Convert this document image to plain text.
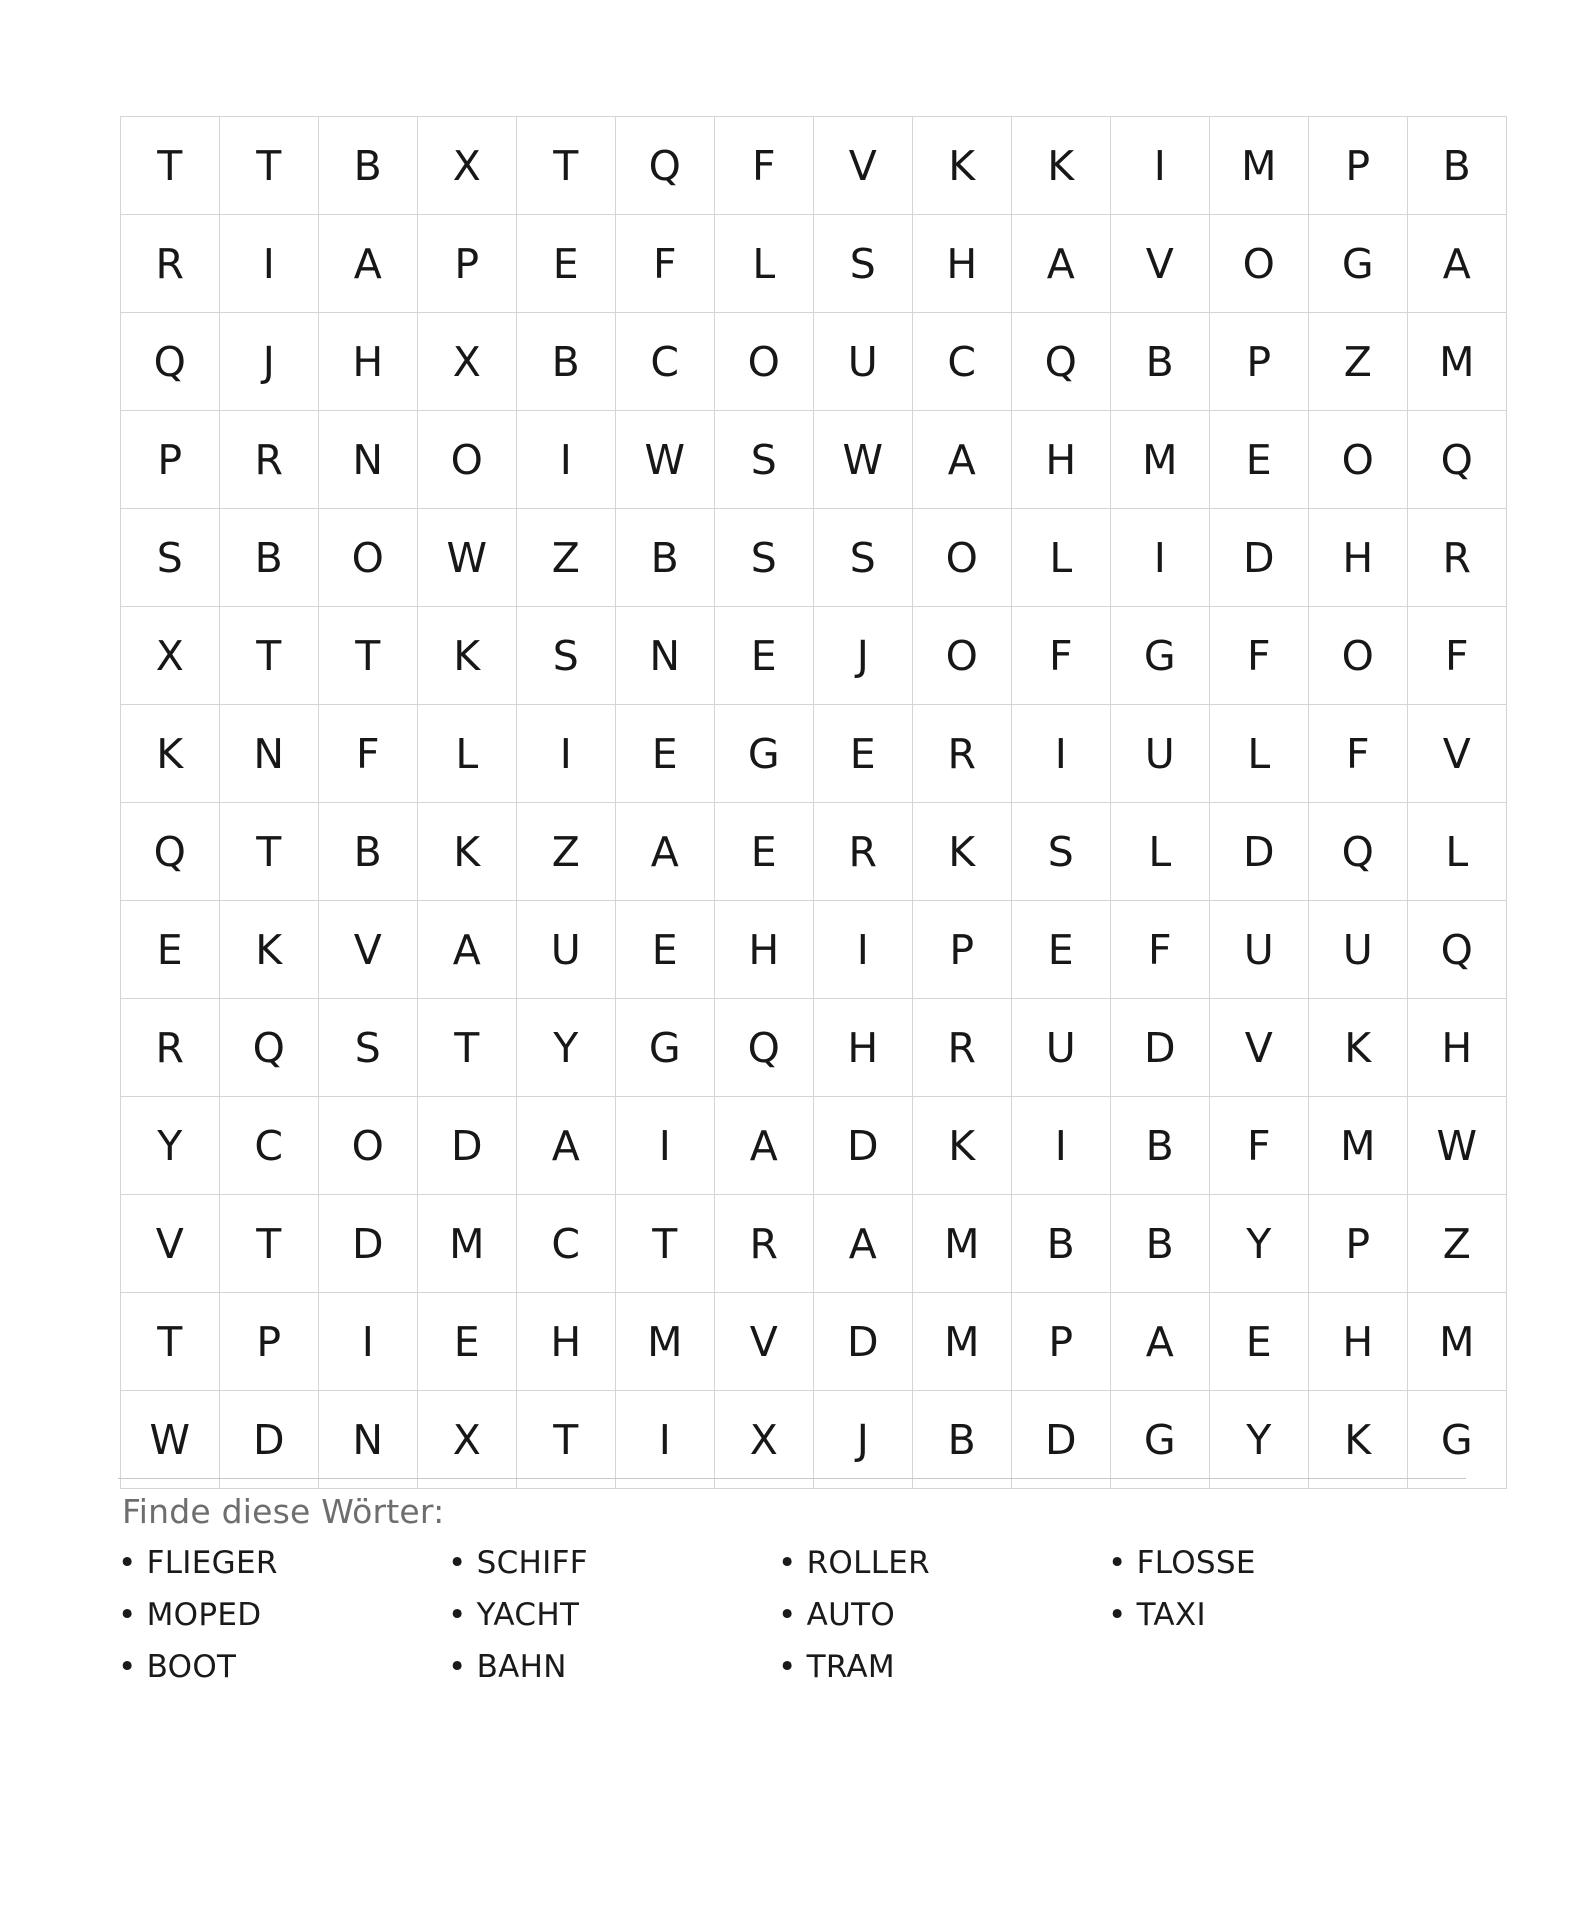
T	T	B	X	T	Q	F	V	K	K	I	M	P	B
R	I	A	P	E	F	L	S	H	A	V	O	G	A
Q	J	H	X	B	C	O	U	C	Q	B	P	Z	M
P	R	N	O	I	W	S	W	A	H	M	E	O	Q
S	B	O	W	Z	B	S	S	O	L	I	D	H	R
X	T	T	K	S	N	E	J	O	F	G	F	O	F
K	N	F	L	I	E	G	E	R	I	U	L	F	V
Q	T	B	K	Z	A	E	R	K	S	L	D	Q	L
E	K	V	A	U	E	H	I	P	E	F	U	U	Q
R	Q	S	T	Y	G	Q	H	R	U	D	V	K	H
Y	C	O	D	A	I	A	D	K	I	B	F	M	W
V	T	D	M	C	T	R	A	M	B	B	Y	P	Z
T	P	I	E	H	M	V	D	M	P	A	E	H	M
W	D	N	X	T	I	X	J	B	D	G	Y	K	G
Finde diese Wörter:
• FLIEGER	• SCHIFF	• ROLLER	• FLOSSE
• MOPED	• YACHT	• AUTO	• TAXI
• BOOT	• BAHN	• TRAM
